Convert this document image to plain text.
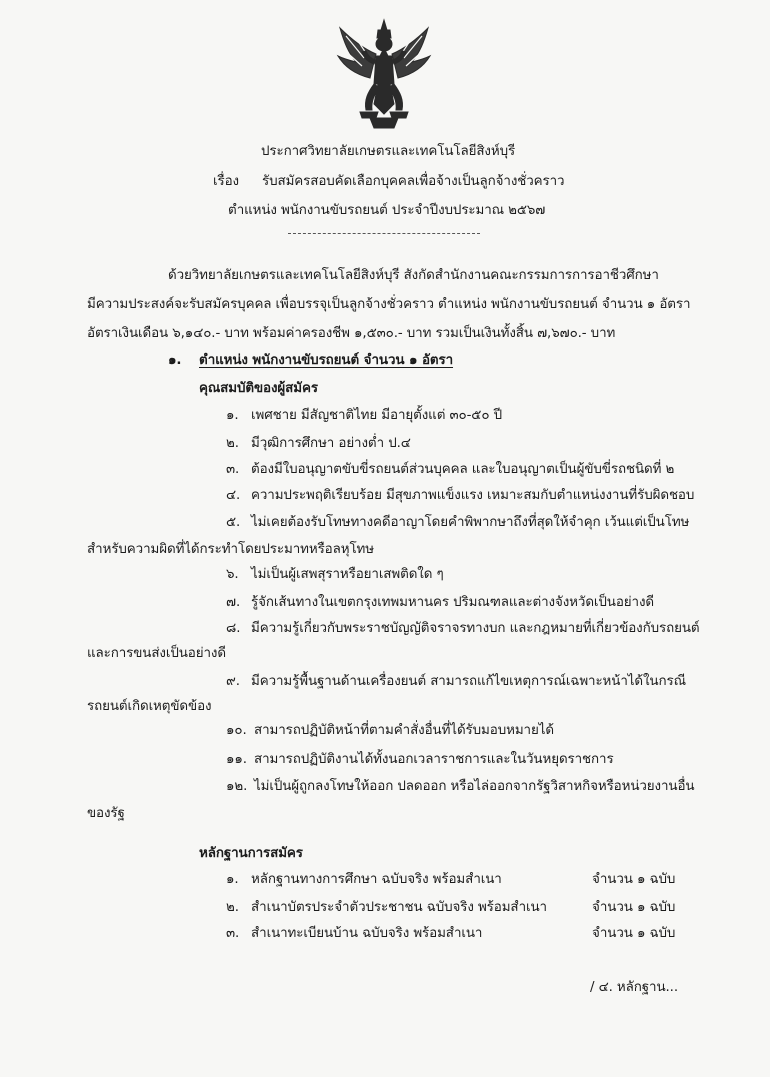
ประกาศวิทยาลัยเกษตรและเทคโนโลยีสิงห์บุรี
เรื่อง รับสมัครสอบคัดเลือกบุคคลเพื่อจ้างเป็นลูกจ้างชั่วคราว
ตำแหน่ง พนักงานขับรถยนต์ ประจำปีงบประมาณ ๒๕๖๗
ด้วยวิทยาลัยเกษตรและเทคโนโลยีสิงห์บุรี สังกัดสำนักงานคณะกรรมการการอาชีวศึกษา
มีความประสงค์จะรับสมัครบุคคล เพื่อบรรจุเป็นลูกจ้างชั่วคราว ตำแหน่ง พนักงานขับรถยนต์ จำนวน ๑ อัตรา
อัตราเงินเดือน ๖,๑๔๐.- บาท พร้อมค่าครองชีพ ๑,๕๓๐.- บาท รวมเป็นเงินทั้งสิ้น ๗,๖๗๐.- บาท
๑. ตำแหน่ง พนักงานขับรถยนต์ จำนวน ๑ อัตรา
คุณสมบัติของผู้สมัคร
๑. เพศชาย มีสัญชาติไทย มีอายุตั้งแต่ ๓๐-๕๐ ปี
๒. มีวุฒิการศึกษา อย่างต่ำ ป.๔
๓. ต้องมีใบอนุญาตขับขี่รถยนต์ส่วนบุคคล และใบอนุญาตเป็นผู้ขับขี่รถชนิดที่ ๒
๔. ความประพฤติเรียบร้อย มีสุขภาพแข็งแรง เหมาะสมกับตำแหน่งงานที่รับผิดชอบ
๕. ไม่เคยต้องรับโทษทางคดีอาญาโดยคำพิพากษาถึงที่สุดให้จำคุก เว้นแต่เป็นโทษ
สำหรับความผิดที่ได้กระทำโดยประมาทหรือลหุโทษ
๖. ไม่เป็นผู้เสพสุราหรือยาเสพติดใด ๆ
๗. รู้จักเส้นทางในเขตกรุงเทพมหานคร ปริมณฑลและต่างจังหวัดเป็นอย่างดี
๘. มีความรู้เกี่ยวกับพระราชบัญญัติจราจรทางบก และกฎหมายที่เกี่ยวข้องกับรถยนต์
และการขนส่งเป็นอย่างดี
๙. มีความรู้พื้นฐานด้านเครื่องยนต์ สามารถแก้ไขเหตุการณ์เฉพาะหน้าได้ในกรณี
รถยนต์เกิดเหตุขัดข้อง
๑๐. สามารถปฏิบัติหน้าที่ตามคำสั่งอื่นที่ได้รับมอบหมายได้
๑๑. สามารถปฏิบัติงานได้ทั้งนอกเวลาราชการและในวันหยุดราชการ
๑๒. ไม่เป็นผู้ถูกลงโทษให้ออก ปลดออก หรือไล่ออกจากรัฐวิสาหกิจหรือหน่วยงานอื่น
ของรัฐ
หลักฐานการสมัคร
๑. หลักฐานทางการศึกษา ฉบับจริง พร้อมสำเนา	จำนวน ๑ ฉบับ
๒. สำเนาบัตรประจำตัวประชาชน ฉบับจริง พร้อมสำเนา	จำนวน ๑ ฉบับ
๓. สำเนาทะเบียนบ้าน ฉบับจริง พร้อมสำเนา	จำนวน ๑ ฉบับ
/ ๔. หลักฐาน...
